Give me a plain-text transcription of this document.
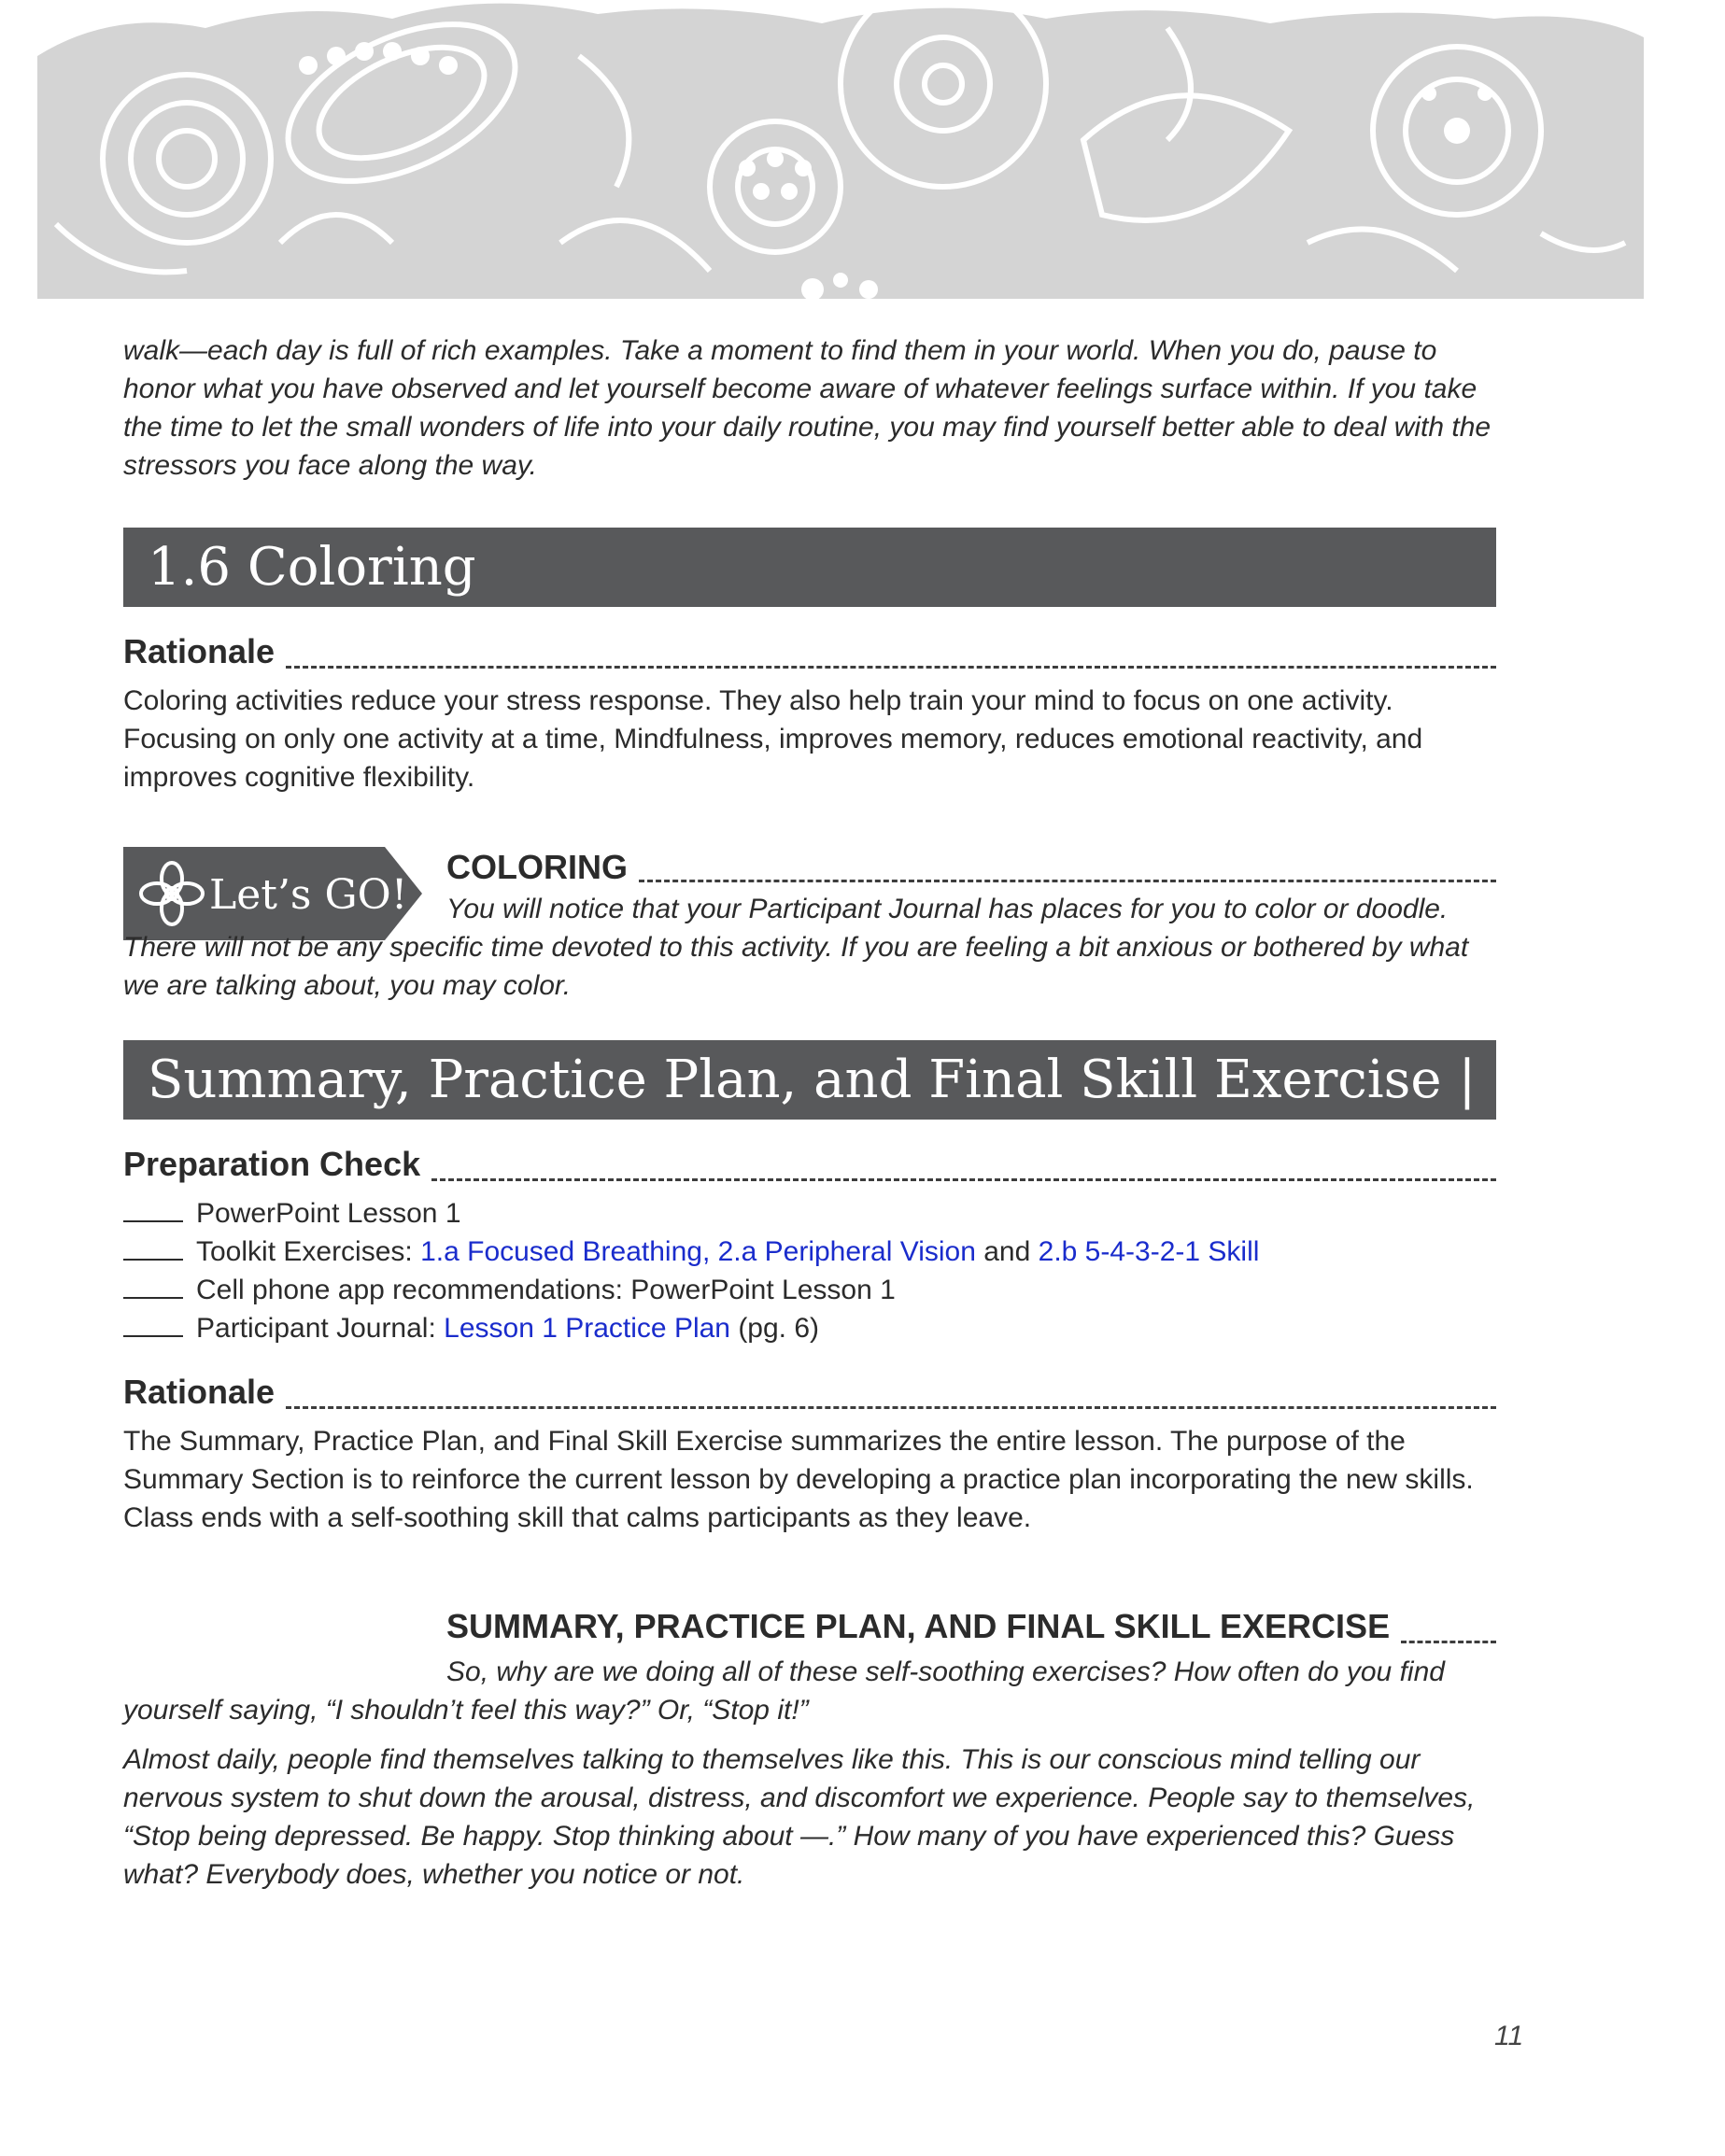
walk—each day is full of rich examples. Take a moment to find them in your world. When you do, pause to honor what you have observed and let yourself become aware of whatever feelings surface within. If you take the time to let the small wonders of life into your daily routine, you may find yourself better able to deal with the stressors you face along the way.

1.6 Coloring
Rationale

Coloring activities reduce your stress response. They also help train your mind to focus on one activity. Focusing on only one activity at a time, Mindfulness, improves memory, reduces emotional reactivity, and improves cognitive flexibility.

Let’s GO!
COLORING

You will notice that your Participant Journal has places for you to color or doodle. There will not be any specific time devoted to this activity. If you are feeling a bit anxious or bothered by what we are talking about, you may color.

Summary, Practice Plan, and Final Skill Exercise | 10 minutes
Preparation Check
PowerPoint Lesson 1
Toolkit Exercises: 1.a Focused Breathing, 2.a Peripheral Vision and 2.b 5-4-3-2-1 Skill
Cell phone app recommendations: PowerPoint Lesson 1
Participant Journal: Lesson 1 Practice Plan (pg. 6)
Rationale

The Summary, Practice Plan, and Final Skill Exercise summarizes the entire lesson. The purpose of the Summary Section is to reinforce the current lesson by developing a practice plan incorporating the new skills. Class ends with a self-soothing skill that calms participants as they leave.

SUMMARY, PRACTICE PLAN, AND FINAL SKILL EXERCISE

So, why are we doing all of these self-soothing exercises? How often do you find yourself saying, “I shouldn’t feel this way?” Or, “Stop it!”

Almost daily, people find themselves talking to themselves like this. This is our conscious mind telling our nervous system to shut down the arousal, distress, and discomfort we experience. People say to themselves, “Stop being depressed. Be happy. Stop thinking about —.” How many of you have experienced this? Guess what? Everybody does, whether you notice or not.

11
